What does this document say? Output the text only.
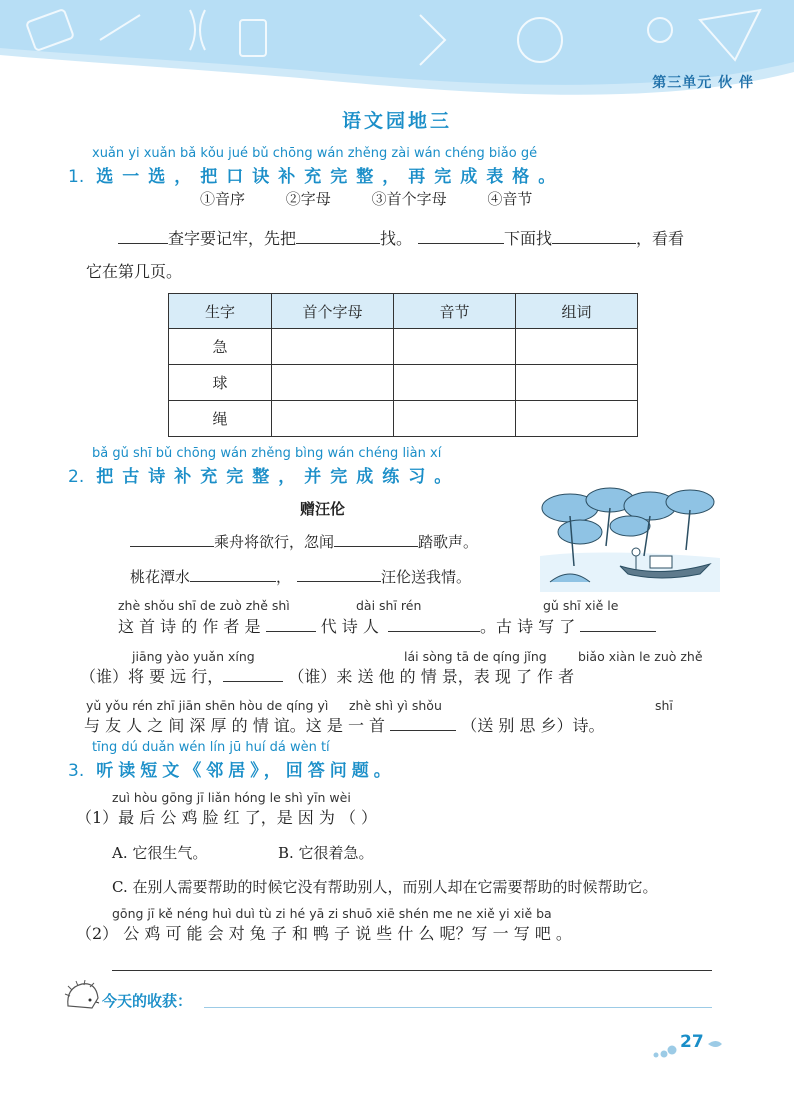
第三单元 伙 伴
语文园地三
xuǎn yi xuǎn bǎ kǒu jué bǔ chōng wán zhěng zài wán chéng biǎo gé
1. 选一选，把口诀补充完整，再完成表格。
①音序	②字母	③首个字母	④音节
查字要记牢，先把	找。	下面找	，看看
它在第几页。
生字	首个字母	音节	组词
急			
球			
绳			
bǎ gǔ shī bǔ chōng wán zhěng bìng wán chéng liàn xí
2. 把古诗补充完整，并完成练习。
赠汪伦
乘舟将欲行，忽闻	踏歌声。
桃花潭水	，	汪伦送我情。
zhè shǒu shī de zuò zhě shì	dài shī rén	gǔ shī xiě le
这 首 诗 的 作 者 是	代 诗 人	。古 诗 写 了
jiāng yào yuǎn xíng	lái sòng tā de qíng jǐng	biǎo xiàn le zuò zhě
（谁）将 要 远 行，	（谁）来 送 他 的 情 景，表 现 了 作 者
yǔ yǒu rén zhī jiān shēn hòu de qíng yì zhè shì yì shǒu	shī
与 友 人 之 间 深 厚 的 情 谊。这 是 一 首	（送 别 思 乡）诗。
tīng dú duǎn wén lín jū huí dá wèn tí
3. 听读短文《邻居》，回答问题。
zuì hòu gōng jī liǎn hóng le shì yīn wèi
（1）最 后 公 鸡 脸 红 了，是 因 为 （ ）
A. 它很生气。	B. 它很着急。
C. 在别人需要帮助的时候它没有帮助别人，而别人却在它需要帮助的时候帮助它。
gōng jī kě néng huì duì tù zi hé yā zi shuō xiē shén me ne xiě yi xiě ba
（2） 公 鸡 可 能 会 对 兔 子 和 鸭 子 说 些 什 么 呢？写 一 写 吧 。
今天的收获：
27
